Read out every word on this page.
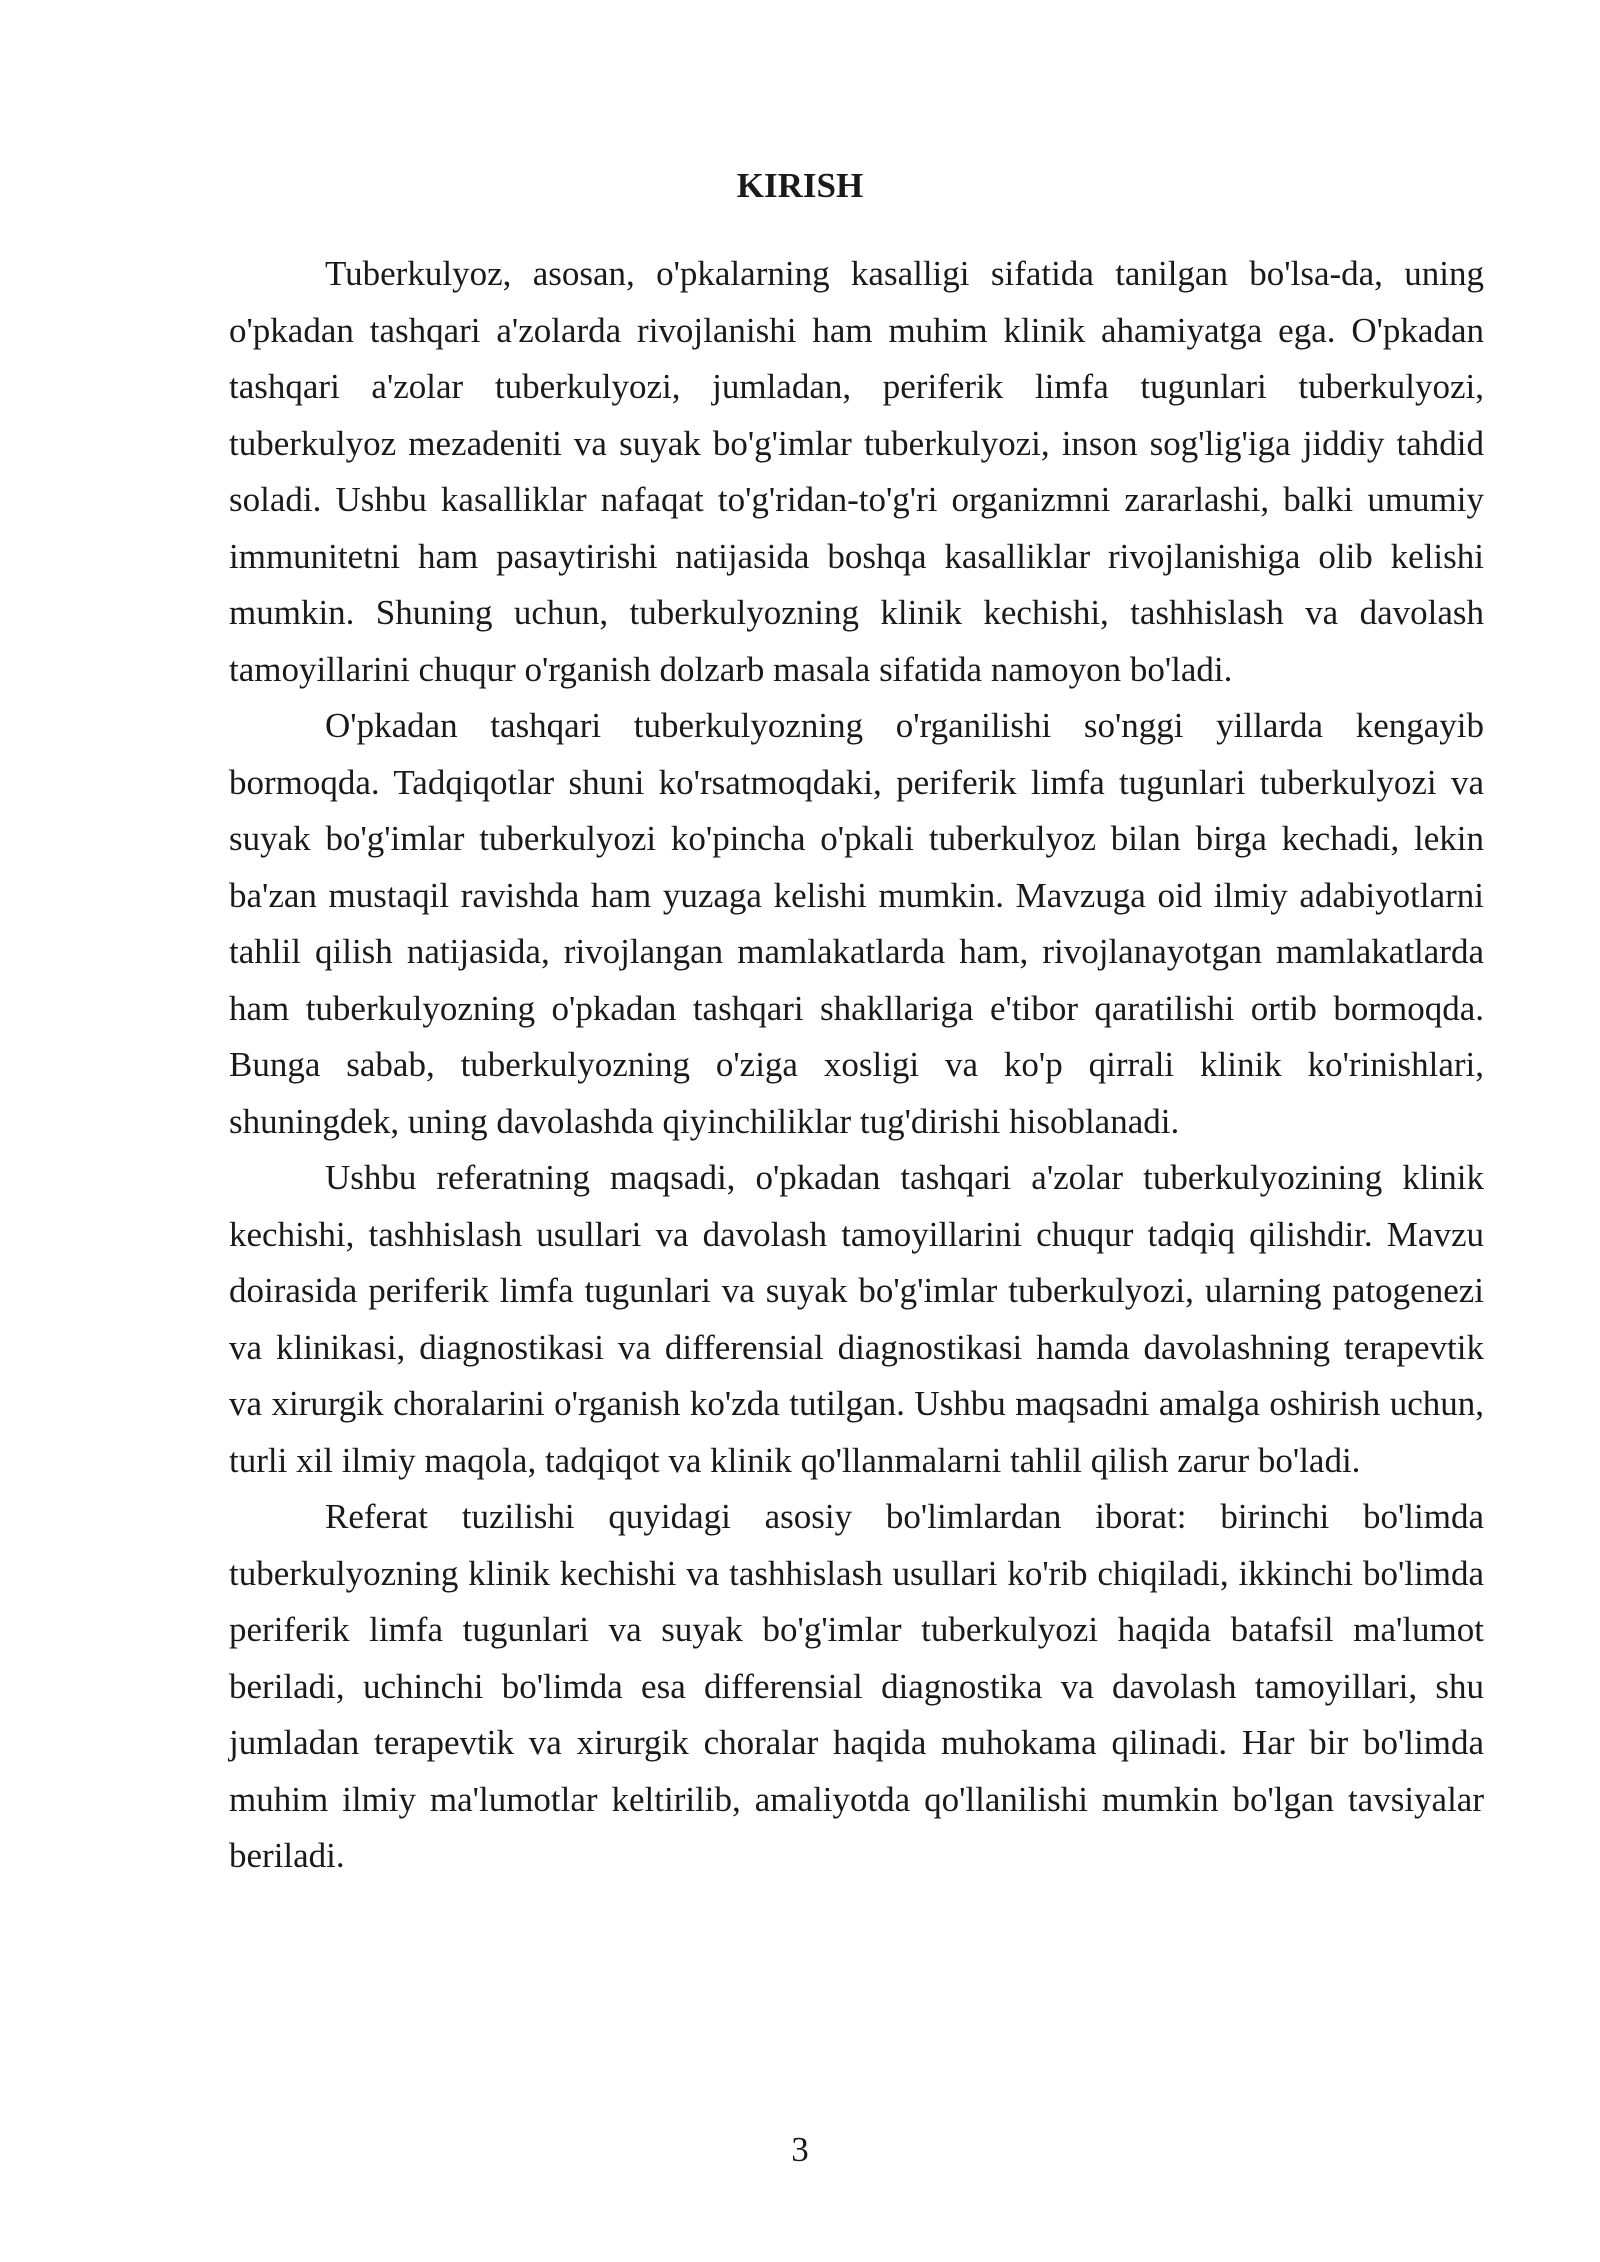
KIRISH

Tuberkulyoz, asosan, o'pkalarning kasalligi sifatida tanilgan bo'lsa-da, uning o'pkadan tashqari a'zolarda rivojlanishi ham muhim klinik ahamiyatga ega. O'pkadan tashqari a'zolar tuberkulyozi, jumladan, periferik limfa tugunlari tuberkulyozi, tuberkulyoz mezadeniti va suyak bo'g'imlar tuberkulyozi, inson sog'lig'iga jiddiy tahdid soladi. Ushbu kasalliklar nafaqat to'g'ridan-to'g'ri organizmni zararlashi, balki umumiy immunitetni ham pasaytirishi natijasida boshqa kasalliklar rivojlanishiga olib kelishi mumkin. Shuning uchun, tuberkulyozning klinik kechishi, tashhislash va davolash tamoyillarini chuqur o'rganish dolzarb masala sifatida namoyon bo'ladi.

O'pkadan tashqari tuberkulyozning o'rganilishi so'nggi yillarda kengayib bormoqda. Tadqiqotlar shuni ko'rsatmoqdaki, periferik limfa tugunlari tuberkulyozi va suyak bo'g'imlar tuberkulyozi ko'pincha o'pkali tuberkulyoz bilan birga kechadi, lekin ba'zan mustaqil ravishda ham yuzaga kelishi mumkin. Mavzuga oid ilmiy adabiyotlarni tahlil qilish natijasida, rivojlangan mamlakatlarda ham, rivojlanayotgan mamlakatlarda ham tuberkulyozning o'pkadan tashqari shakllariga e'tibor qaratilishi ortib bormoqda. Bunga sabab, tuberkulyozning o'ziga xosligi va ko'p qirrali klinik ko'rinishlari, shuningdek, uning davolashda qiyinchiliklar tug'dirishi hisoblanadi.

Ushbu referatning maqsadi, o'pkadan tashqari a'zolar tuberkulyozining klinik kechishi, tashhislash usullari va davolash tamoyillarini chuqur tadqiq qilishdir. Mavzu doirasida periferik limfa tugunlari va suyak bo'g'imlar tuberkulyozi, ularning patogenezi va klinikasi, diagnostikasi va differensial diagnostikasi hamda davolashning terapevtik va xirurgik choralarini o'rganish ko'zda tutilgan. Ushbu maqsadni amalga oshirish uchun, turli xil ilmiy maqola, tadqiqot va klinik qo'llanmalarni tahlil qilish zarur bo'ladi.

Referat tuzilishi quyidagi asosiy bo'limlardan iborat: birinchi bo'limda tuberkulyozning klinik kechishi va tashhislash usullari ko'rib chiqiladi, ikkinchi bo'limda periferik limfa tugunlari va suyak bo'g'imlar tuberkulyozi haqida batafsil ma'lumot beriladi, uchinchi bo'limda esa differensial diagnostika va davolash tamoyillari, shu jumladan terapevtik va xirurgik choralar haqida muhokama qilinadi. Har bir bo'limda muhim ilmiy ma'lumotlar keltirilib, amaliyotda qo'llanilishi mumkin bo'lgan tavsiyalar beriladi.

3
